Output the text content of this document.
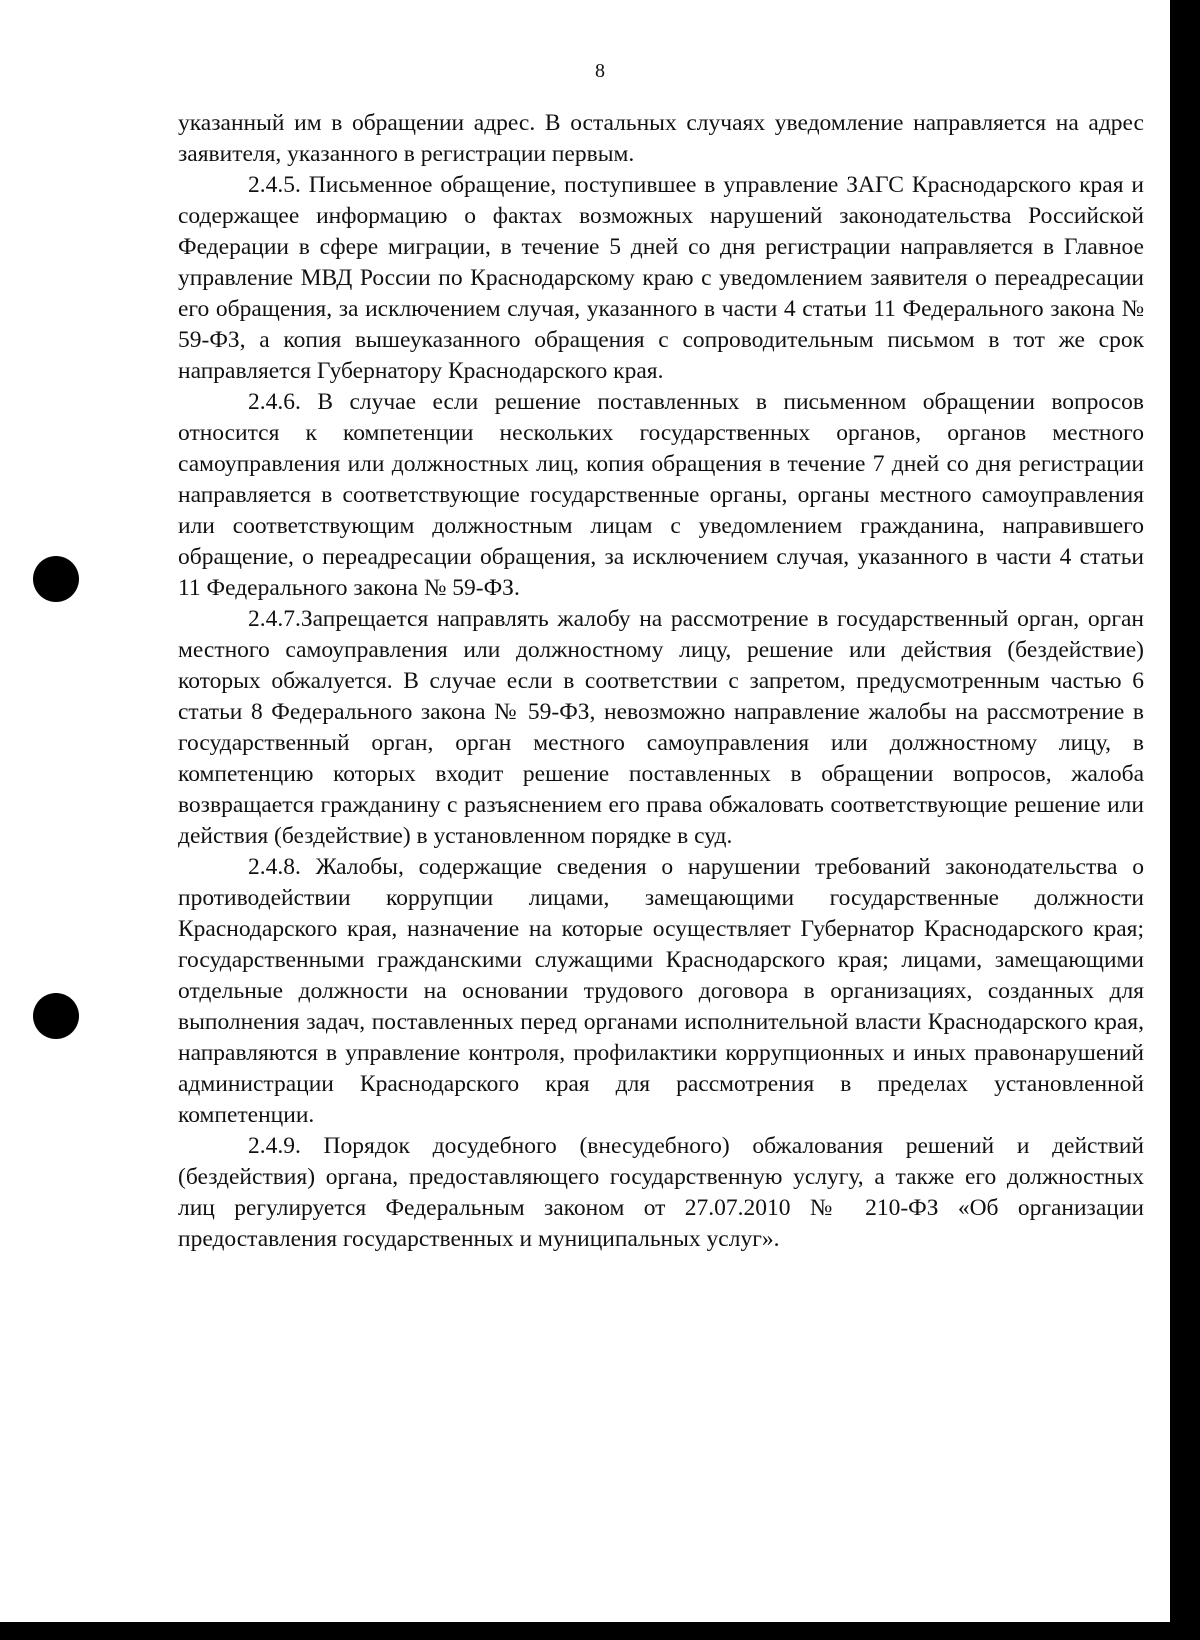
8

указанный им в обращении адрес. В остальных случаях уведомление направляется на адрес заявителя, указанного в регистрации первым.

2.4.5. Письменное обращение, поступившее в управление ЗАГС Краснодарского края и содержащее информацию о фактах возможных нарушений законодательства Российской Федерации в сфере миграции, в течение 5 дней со дня регистрации направляется в Главное управление МВД России по Краснодарскому краю с уведомлением заявителя о переадресации его обращения, за исключением случая, указанного в части 4 статьи 11 Федерального закона № 59-ФЗ, а копия вышеуказанного обращения с сопроводительным письмом в тот же срок направляется Губернатору Краснодарского края.

2.4.6. В случае если решение поставленных в письменном обращении вопросов относится к компетенции нескольких государственных органов, органов местного самоуправления или должностных лиц, копия обращения в течение 7 дней со дня регистрации направляется в соответствующие государственные органы, органы местного самоуправления или соответствующим должностным лицам с уведомлением гражданина, направившего обращение, о переадресации обращения, за исключением случая, указанного в части 4 статьи 11 Федерального закона № 59-ФЗ.

2.4.7.Запрещается направлять жалобу на рассмотрение в государственный орган, орган местного самоуправления или должностному лицу, решение или действия (бездействие) которых обжалуется. В случае если в соответствии с запретом, предусмотренным частью 6 статьи 8 Федерального закона № 59-ФЗ, невозможно направление жалобы на рассмотрение в государственный орган, орган местного самоуправления или должностному лицу, в компетенцию которых входит решение поставленных в обращении вопросов, жалоба возвращается гражданину с разъяснением его права обжаловать соответствующие решение или действия (бездействие) в установленном порядке в суд.

2.4.8. Жалобы, содержащие сведения о нарушении требований законодательства о противодействии коррупции лицами, замещающими государственные должности Краснодарского края, назначение на которые осуществляет Губернатор Краснодарского края; государственными гражданскими служащими Краснодарского края; лицами, замещающими отдельные должности на основании трудового договора в организациях, созданных для выполнения задач, поставленных перед органами исполнительной власти Краснодарского края, направляются в управление контроля, профилактики коррупционных и иных правонарушений администрации Краснодарского края для рассмотрения в пределах установленной компетенции.

2.4.9. Порядок досудебного (внесудебного) обжалования решений и действий (бездействия) органа, предоставляющего государственную услугу, а также его должностных лиц регулируется Федеральным законом от 27.07.2010 № 210-ФЗ «Об организации предоставления государственных и муниципальных услуг».
